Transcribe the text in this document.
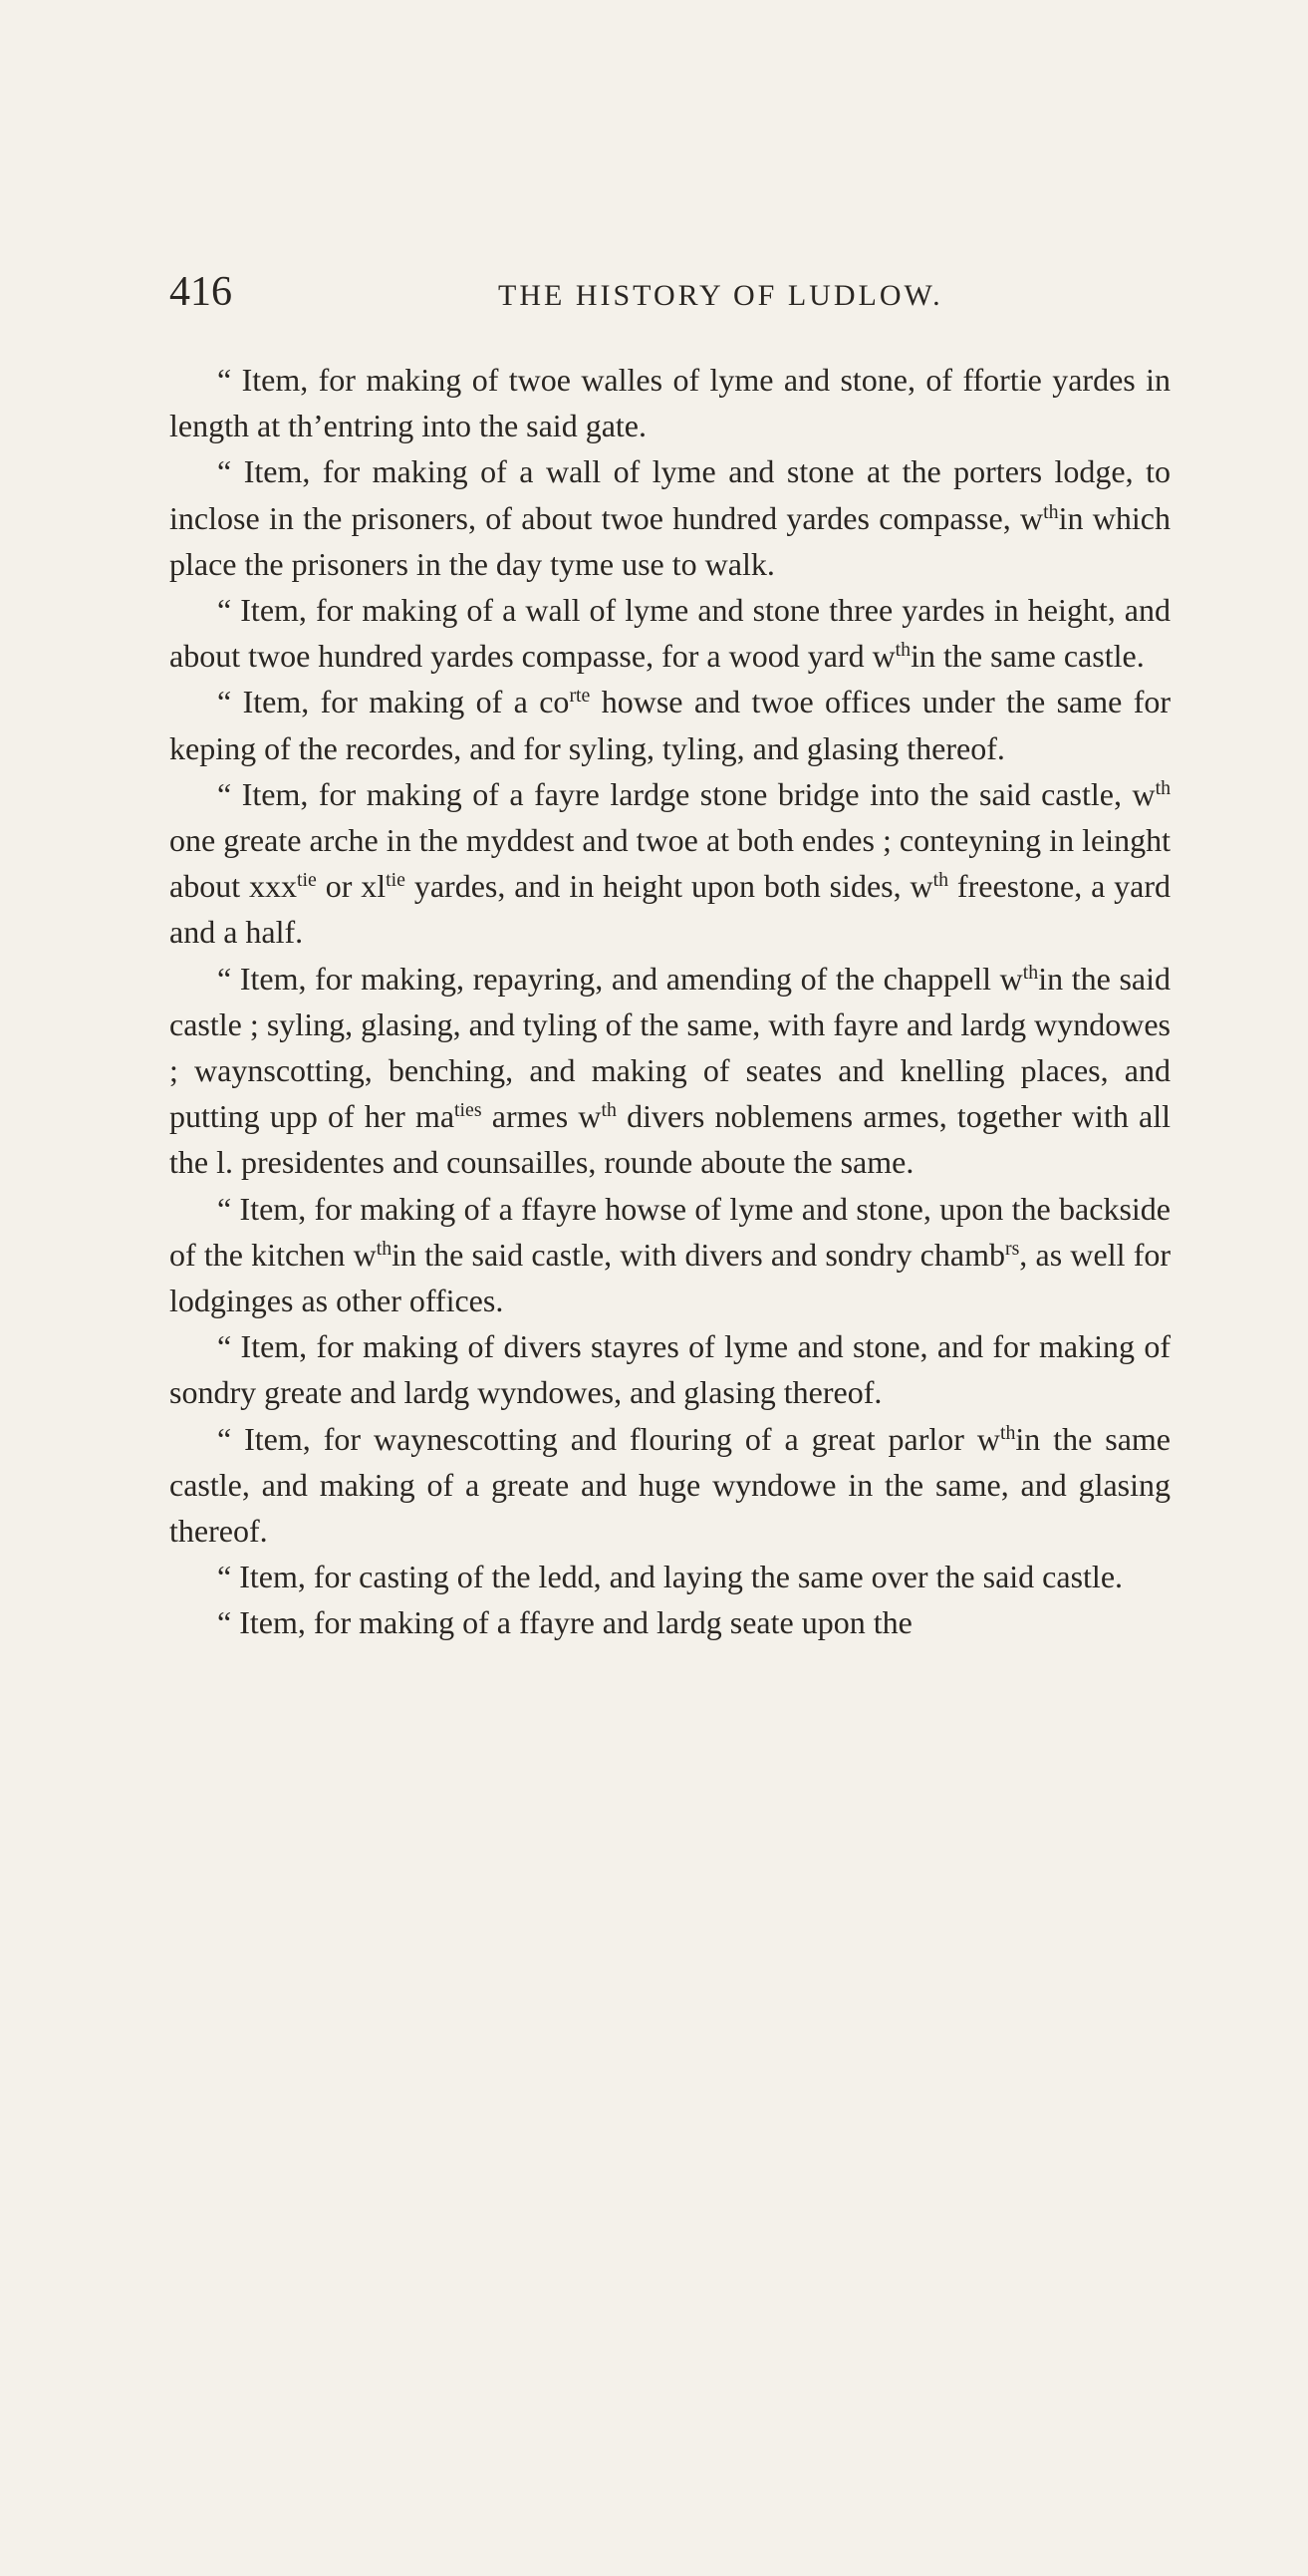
416	THE HISTORY OF LUDLOW.

“ Item, for making of twoe walles of lyme and stone, of ffortie yardes in length at th’entring into the said gate.

“ Item, for making of a wall of lyme and stone at the porters lodge, to inclose in the prisoners, of about twoe hundred yardes compasse, $w^{th}in$ which place the prisoners in the day tyme use to walk.

“ Item, for making of a wall of lyme and stone three yardes in height, and about twoe hundred yardes compasse, for a wood yard $w^{th}in$ the same castle.

“ Item, for making of a $co^{rte}$ howse and twoe offices under the same for keping of the recordes, and for syling, tyling, and glasing thereof.

“ Item, for making of a fayre lardge stone bridge into the said castle, $w^{th}$ one greate arche in the myddest and twoe at both endes ; conteyning in leinght about xxx$^{tie}$ or $xl^{tie}$ yardes, and in height upon both sides, $w^{th}$ freestone, a yard and a half.

“ Item, for making, repayring, and amending of the chappell $w^{th}in$ the said castle ; syling, glasing, and tyling of the same, with fayre and lardg wyndowes ; waynscotting, benching, and making of seates and knelling places, and putting upp of her $ma^{ties}$ armes $w^{th}$ divers noblemens armes, together with all the l. presidentes and counsailles, rounde aboute the same.

“ Item, for making of a ffayre howse of lyme and stone, upon the backside of the kitchen $w^{th}in$ the said castle, with divers and sondry chamb$^{rs}$, as well for lodginges as other offices.

“ Item, for making of divers stayres of lyme and stone, and for making of sondry greate and lardg wyndowes, and glasing thereof.

“ Item, for waynescotting and flouring of a great parlor $w^{th}in$ the same castle, and making of a greate and huge wyndowe in the same, and glasing thereof.

“ Item, for casting of the ledd, and laying the same over the said castle.

“ Item, for making of a ffayre and lardg seate upon the
